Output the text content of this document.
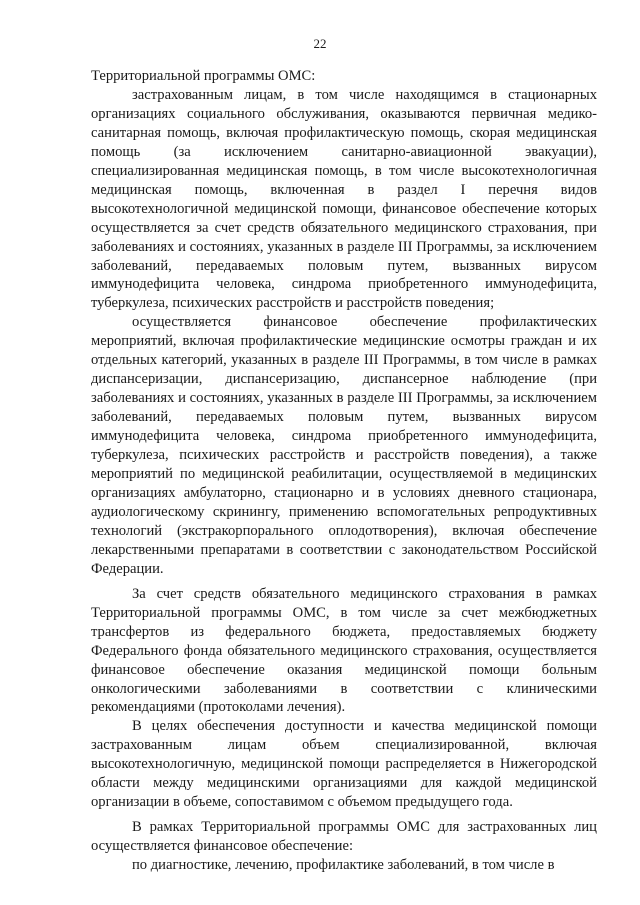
22

Территориальной программы ОМС:

застрахованным лицам, в том числе находящимся в стационарных организациях социального обслуживания, оказываются первичная медико-санитарная помощь, включая профилактическую помощь, скорая медицинская помощь (за исключением санитарно-авиационной эвакуации), специализированная медицинская помощь, в том числе высокотехнологичная медицинская помощь, включенная в раздел I перечня видов высокотехнологичной медицинской помощи, финансовое обеспечение которых осуществляется за счет средств обязательного медицинского страхования, при заболеваниях и состояниях, указанных в разделе III Программы, за исключением заболеваний, передаваемых половым путем, вызванных вирусом иммунодефицита человека, синдрома приобретенного иммунодефицита, туберкулеза, психических расстройств и расстройств поведения;

осуществляется финансовое обеспечение профилактических мероприятий, включая профилактические медицинские осмотры граждан и их отдельных категорий, указанных в разделе III Программы, в том числе в рамках диспансеризации, диспансеризацию, диспансерное наблюдение (при заболеваниях и состояниях, указанных в разделе III Программы, за исключением заболеваний, передаваемых половым путем, вызванных вирусом иммунодефицита человека, синдрома приобретенного иммунодефицита, туберкулеза, психических расстройств и расстройств поведения), а также мероприятий по медицинской реабилитации, осуществляемой в медицинских организациях амбулаторно, стационарно и в условиях дневного стационара, аудиологическому скринингу, применению вспомогательных репродуктивных технологий (экстракорпорального оплодотворения), включая обеспечение лекарственными препаратами в соответствии с законодательством Российской Федерации.

За счет средств обязательного медицинского страхования в рамках Территориальной программы ОМС, в том числе за счет межбюджетных трансфертов из федерального бюджета, предоставляемых бюджету Федерального фонда обязательного медицинского страхования, осуществляется финансовое обеспечение оказания медицинской помощи больным онкологическими заболеваниями в соответствии с клиническими рекомендациями (протоколами лечения).

В целях обеспечения доступности и качества медицинской помощи застрахованным лицам объем специализированной, включая высокотехнологичную, медицинской помощи распределяется в Нижегородской области между медицинскими организациями для каждой медицинской организации в объеме, сопоставимом с объемом предыдущего года.

В рамках Территориальной программы ОМС для застрахованных лиц осуществляется финансовое обеспечение:

по диагностике, лечению, профилактике заболеваний, в том числе в
